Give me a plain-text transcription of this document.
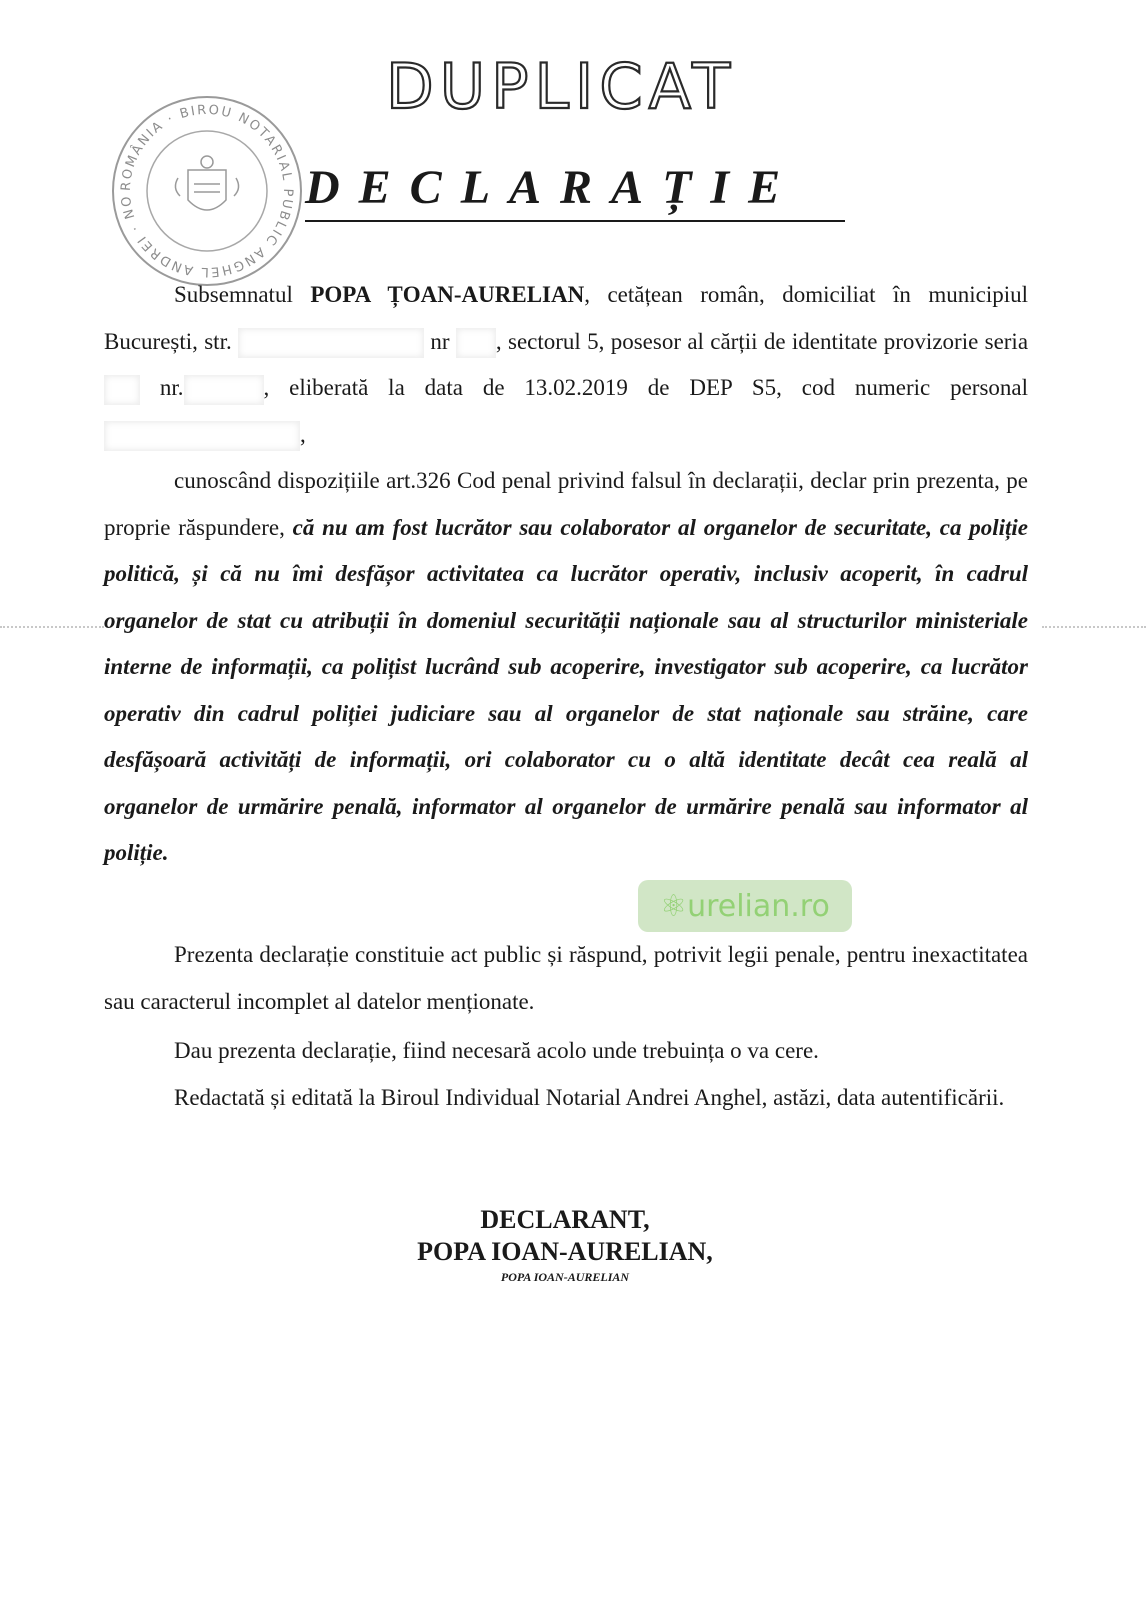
ROMÂNIA · BIROU NOTARIAL PUBLIC ANGHEL ANDREI · NO
DUPLICAT
DECLARAȚIE
Subsemnatul POPA ȚOAN-AURELIAN, cetățean român, domiciliat în municipiul București, str.	nr , sectorul 5, posesor al cărții de identitate provizorie seria  nr.	, eliberată la data de 13.02.2019 de DEP S5, cod numeric personal ,
cunoscând dispozițiile art.326 Cod penal privind falsul în declarații, declar prin prezenta, pe proprie răspundere, că nu am fost lucrător sau colaborator al organelor de securitate, ca poliție politică, și că nu îmi desfășor activitatea ca lucrător operativ, inclusiv acoperit, în cadrul organelor de stat cu atribuții în domeniul securității naționale sau al structurilor ministeriale interne de informații, ca polițist lucrând sub acoperire, investigator sub acoperire, ca lucrător operativ din cadrul poliției judiciare sau al organelor de stat naționale sau străine, care desfășoară activități de informații, ori colaborator cu o altă identitate decât cea reală al organelor de urmărire penală, informator al organelor de urmărire penală sau informator al poliție.
⚛ urelian.ro
Prezenta declarație constituie act public și răspund, potrivit legii penale, pentru inexactitatea sau caracterul incomplet al datelor menționate.
Dau prezenta declarație, fiind necesară acolo unde trebuința o va cere.
Redactată și editată la Biroul Individual Notarial Andrei Anghel, astăzi, data autentificării.
DECLARANT,
POPA IOAN-AURELIAN,
POPA IOAN-AURELIAN
